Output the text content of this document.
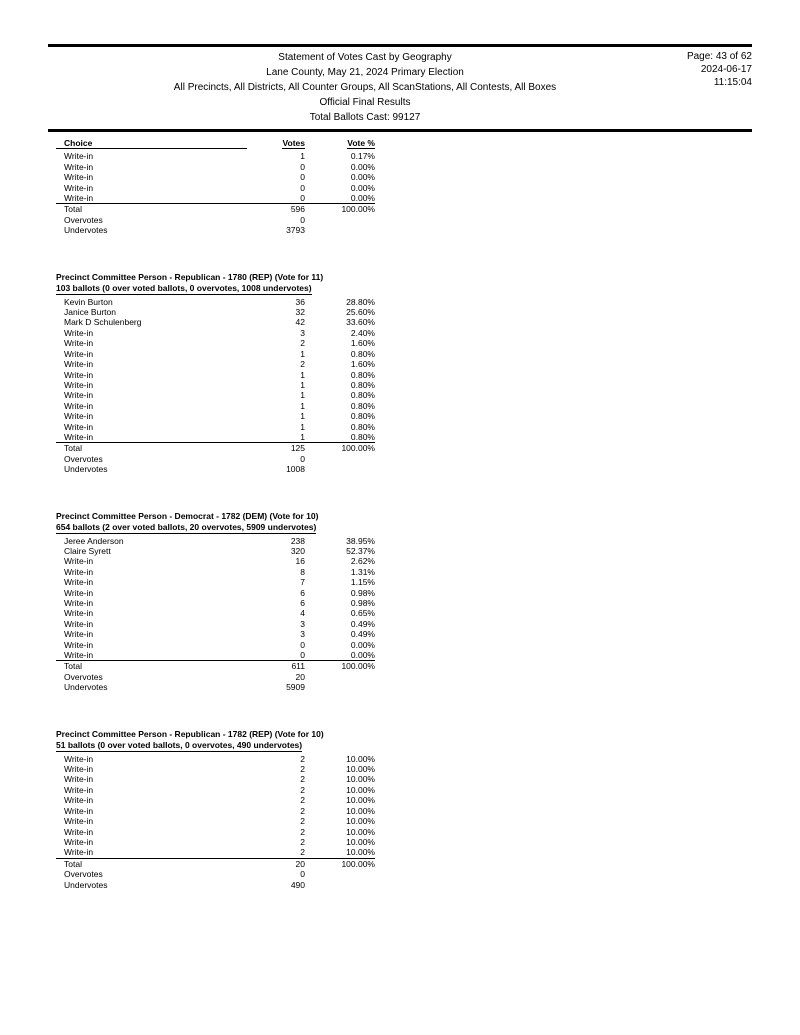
Statement of Votes Cast by Geography
Lane County, May 21, 2024 Primary Election
All Precincts, All Districts, All Counter Groups, All ScanStations, All Contests, All Boxes
Official Final Results
Total Ballots Cast: 99127
Page: 43 of 62
2024-06-17
11:15:04
Choice	Votes	Vote %
Write-in	1	0.17%
Write-in	0	0.00%
Write-in	0	0.00%
Write-in	0	0.00%
Write-in	0	0.00%
Total	596	100.00%
Overvotes	0
Undervotes	3793
Precinct Committee Person - Republican - 1780 (REP) (Vote for 11)
103 ballots (0 over voted ballots, 0 overvotes, 1008 undervotes)
Kevin Burton	36	28.80%
Janice Burton	32	25.60%
Mark D Schulenberg	42	33.60%
Write-in	3	2.40%
Write-in	2	1.60%
Write-in	1	0.80%
Write-in	2	1.60%
Write-in	1	0.80%
Write-in	1	0.80%
Write-in	1	0.80%
Write-in	1	0.80%
Write-in	1	0.80%
Write-in	1	0.80%
Write-in	1	0.80%
Total	125	100.00%
Overvotes	0
Undervotes	1008
Precinct Committee Person - Democrat - 1782 (DEM) (Vote for 10)
654 ballots (2 over voted ballots, 20 overvotes, 5909 undervotes)
Jeree Anderson	238	38.95%
Claire Syrett	320	52.37%
Write-in	16	2.62%
Write-in	8	1.31%
Write-in	7	1.15%
Write-in	6	0.98%
Write-in	6	0.98%
Write-in	4	0.65%
Write-in	3	0.49%
Write-in	3	0.49%
Write-in	0	0.00%
Write-in	0	0.00%
Total	611	100.00%
Overvotes	20
Undervotes	5909
Precinct Committee Person - Republican - 1782 (REP) (Vote for 10)
51 ballots (0 over voted ballots, 0 overvotes, 490 undervotes)
Write-in	2	10.00%
Write-in	2	10.00%
Write-in	2	10.00%
Write-in	2	10.00%
Write-in	2	10.00%
Write-in	2	10.00%
Write-in	2	10.00%
Write-in	2	10.00%
Write-in	2	10.00%
Write-in	2	10.00%
Total	20	100.00%
Overvotes	0
Undervotes	490
